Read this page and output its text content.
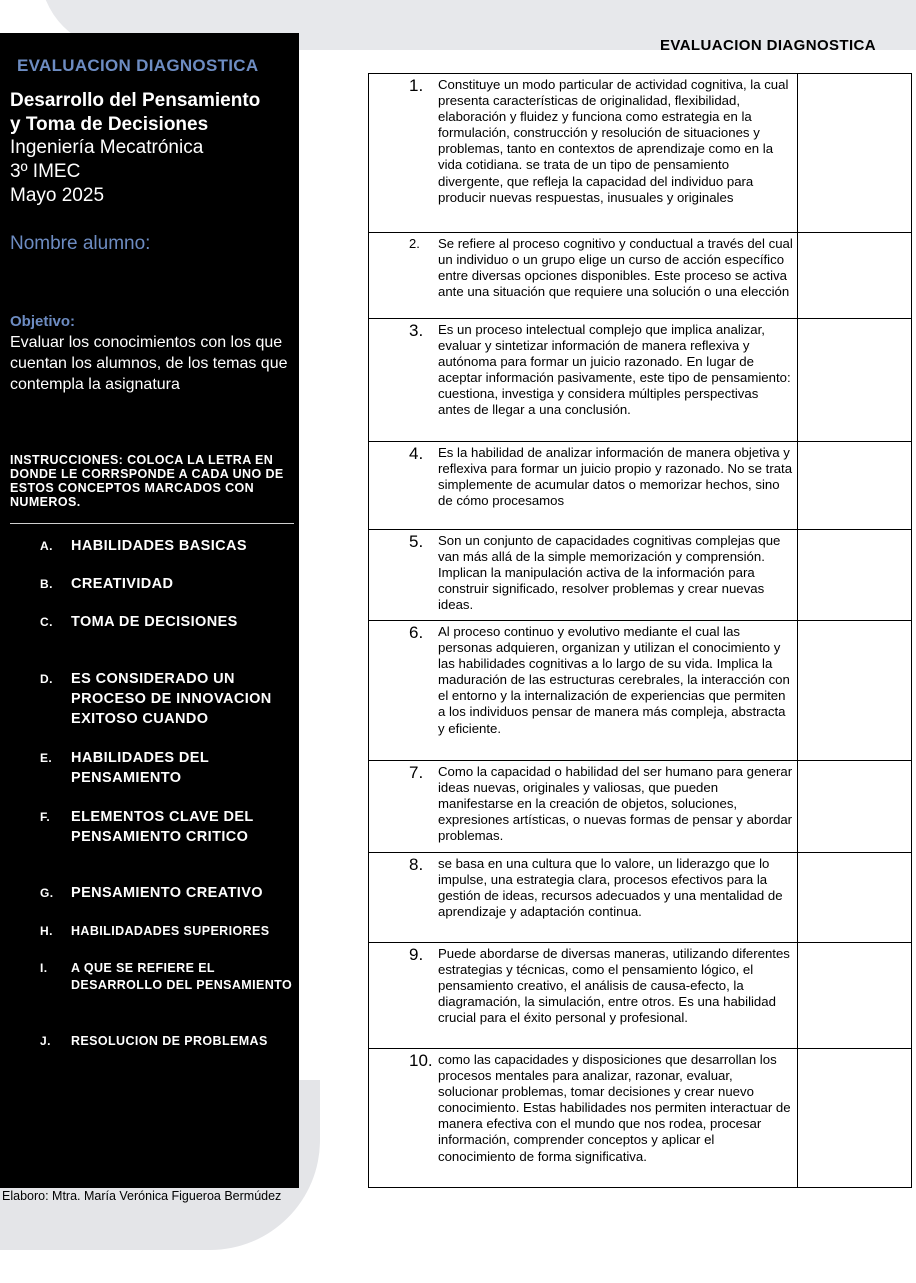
EVALUACION DIAGNOSTICA
EVALUACION DIAGNOSTICA
Desarrollo del Pensamiento
y Toma de Decisiones
Ingeniería Mecatrónica
3º IMEC
Mayo 2025
Nombre alumno:
Objetivo:
Evaluar los conocimientos con los que cuentan los alumnos, de los temas que contempla la asignatura
INSTRUCCIONES: COLOCA LA LETRA EN DONDE LE CORRSPONDE A CADA UNO DE ESTOS CONCEPTOS MARCADOS CON NUMEROS.
A.	HABILIDADES BASICAS
B.	CREATIVIDAD
C.	TOMA DE DECISIONES
D.	ES CONSIDERADO UN PROCESO DE INNOVACION EXITOSO CUANDO
E.	HABILIDADES DEL PENSAMIENTO
F.	ELEMENTOS CLAVE DEL PENSAMIENTO CRITICO
G.	PENSAMIENTO CREATIVO
H.	HABILIDADADES SUPERIORES
I.	A QUE SE REFIERE EL DESARROLLO DEL PENSAMIENTO
J.	RESOLUCION DE PROBLEMAS
Elaboro: Mtra. María Verónica Figueroa Bermúdez
1. Constituye un modo particular de actividad cognitiva, la cual presenta características de originalidad, flexibilidad, elaboración y fluidez y funciona como estrategia en la formulación, construcción y resolución de situaciones y problemas, tanto en contextos de aprendizaje como en la vida cotidiana. se trata de un tipo de pensamiento divergente, que refleja la capacidad del individuo para producir nuevas respuestas, inusuales y originales
2. Se refiere al proceso cognitivo y conductual a través del cual un individuo o un grupo elige un curso de acción específico entre diversas opciones disponibles. Este proceso se activa ante una situación que requiere una solución o una elección
3. Es un proceso intelectual complejo que implica analizar, evaluar y sintetizar información de manera reflexiva y autónoma para formar un juicio razonado. En lugar de aceptar información pasivamente, este tipo de pensamiento: cuestiona, investiga y considera múltiples perspectivas antes de llegar a una conclusión.
4. Es la habilidad de analizar información de manera objetiva y reflexiva para formar un juicio propio y razonado. No se trata simplemente de acumular datos o memorizar hechos, sino de cómo procesamos
5. Son un conjunto de capacidades cognitivas complejas que van más allá de la simple memorización y comprensión. Implican la manipulación activa de la información para construir significado, resolver problemas y crear nuevas ideas.
6. Al proceso continuo y evolutivo mediante el cual las personas adquieren, organizan y utilizan el conocimiento y las habilidades cognitivas a lo largo de su vida. Implica la maduración de las estructuras cerebrales, la interacción con el entorno y la internalización de experiencias que permiten a los individuos pensar de manera más compleja, abstracta y eficiente.
7. Como la capacidad o habilidad del ser humano para generar ideas nuevas, originales y valiosas, que pueden manifestarse en la creación de objetos, soluciones, expresiones artísticas, o nuevas formas de pensar y abordar problemas.
8. se basa en una cultura que lo valore, un liderazgo que lo impulse, una estrategia clara, procesos efectivos para la gestión de ideas, recursos adecuados y una mentalidad de aprendizaje y adaptación continua.
9. Puede abordarse de diversas maneras, utilizando diferentes estrategias y técnicas, como el pensamiento lógico, el pensamiento creativo, el análisis de causa-efecto, la diagramación, la simulación, entre otros. Es una habilidad crucial para el éxito personal y profesional.
10. como las capacidades y disposiciones que desarrollan los procesos mentales para analizar, razonar, evaluar, solucionar problemas, tomar decisiones y crear nuevo conocimiento. Estas habilidades nos permiten interactuar de manera efectiva con el mundo que nos rodea, procesar información, comprender conceptos y aplicar el conocimiento de forma significativa.
